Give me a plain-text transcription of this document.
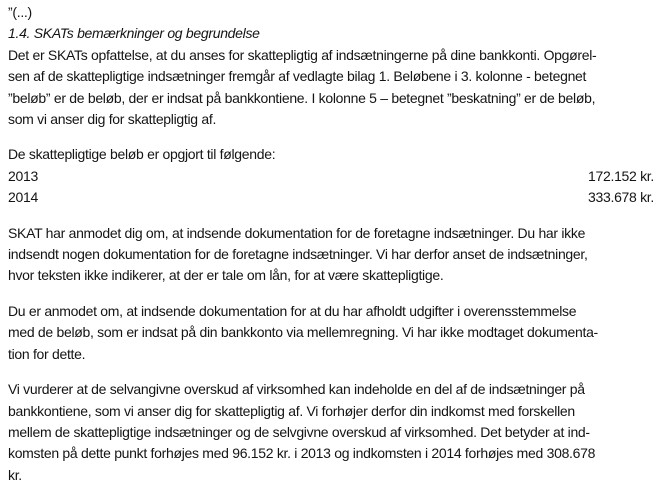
”(...)
1.4. SKATs bemærkninger og begrundelse
Det er SKATs opfattelse, at du anses for skattepligtig af indsætningerne på dine bankkonti. Opgørel-
sen af de skattepligtige indsætninger fremgår af vedlagte bilag 1. Beløbene i 3. kolonne - betegnet
”beløb” er de beløb, der er indsat på bankkontiene. I kolonne 5 – betegnet ”beskatning” er de beløb,
som vi anser dig for skattepligtig af.
De skattepligtige beløb er opgjort til følgende:
2013	172.152 kr.
2014	333.678 kr.
SKAT har anmodet dig om, at indsende dokumentation for de foretagne indsætninger. Du har ikke
indsendt nogen dokumentation for de foretagne indsætninger. Vi har derfor anset de indsætninger,
hvor teksten ikke indikerer, at der er tale om lån, for at være skattepligtige.
Du er anmodet om, at indsende dokumentation for at du har afholdt udgifter i overensstemmelse
med de beløb, som er indsat på din bankkonto via mellemregning. Vi har ikke modtaget dokumenta-
tion for dette.
Vi vurderer at de selvangivne overskud af virksomhed kan indeholde en del af de indsætninger på
bankkontiene, som vi anser dig for skattepligtig af. Vi forhøjer derfor din indkomst med forskellen
mellem de skattepligtige indsætninger og de selvgivne overskud af virksomhed. Det betyder at ind-
komsten på dette punkt forhøjes med 96.152 kr. i 2013 og indkomsten i 2014 forhøjes med 308.678
kr.
